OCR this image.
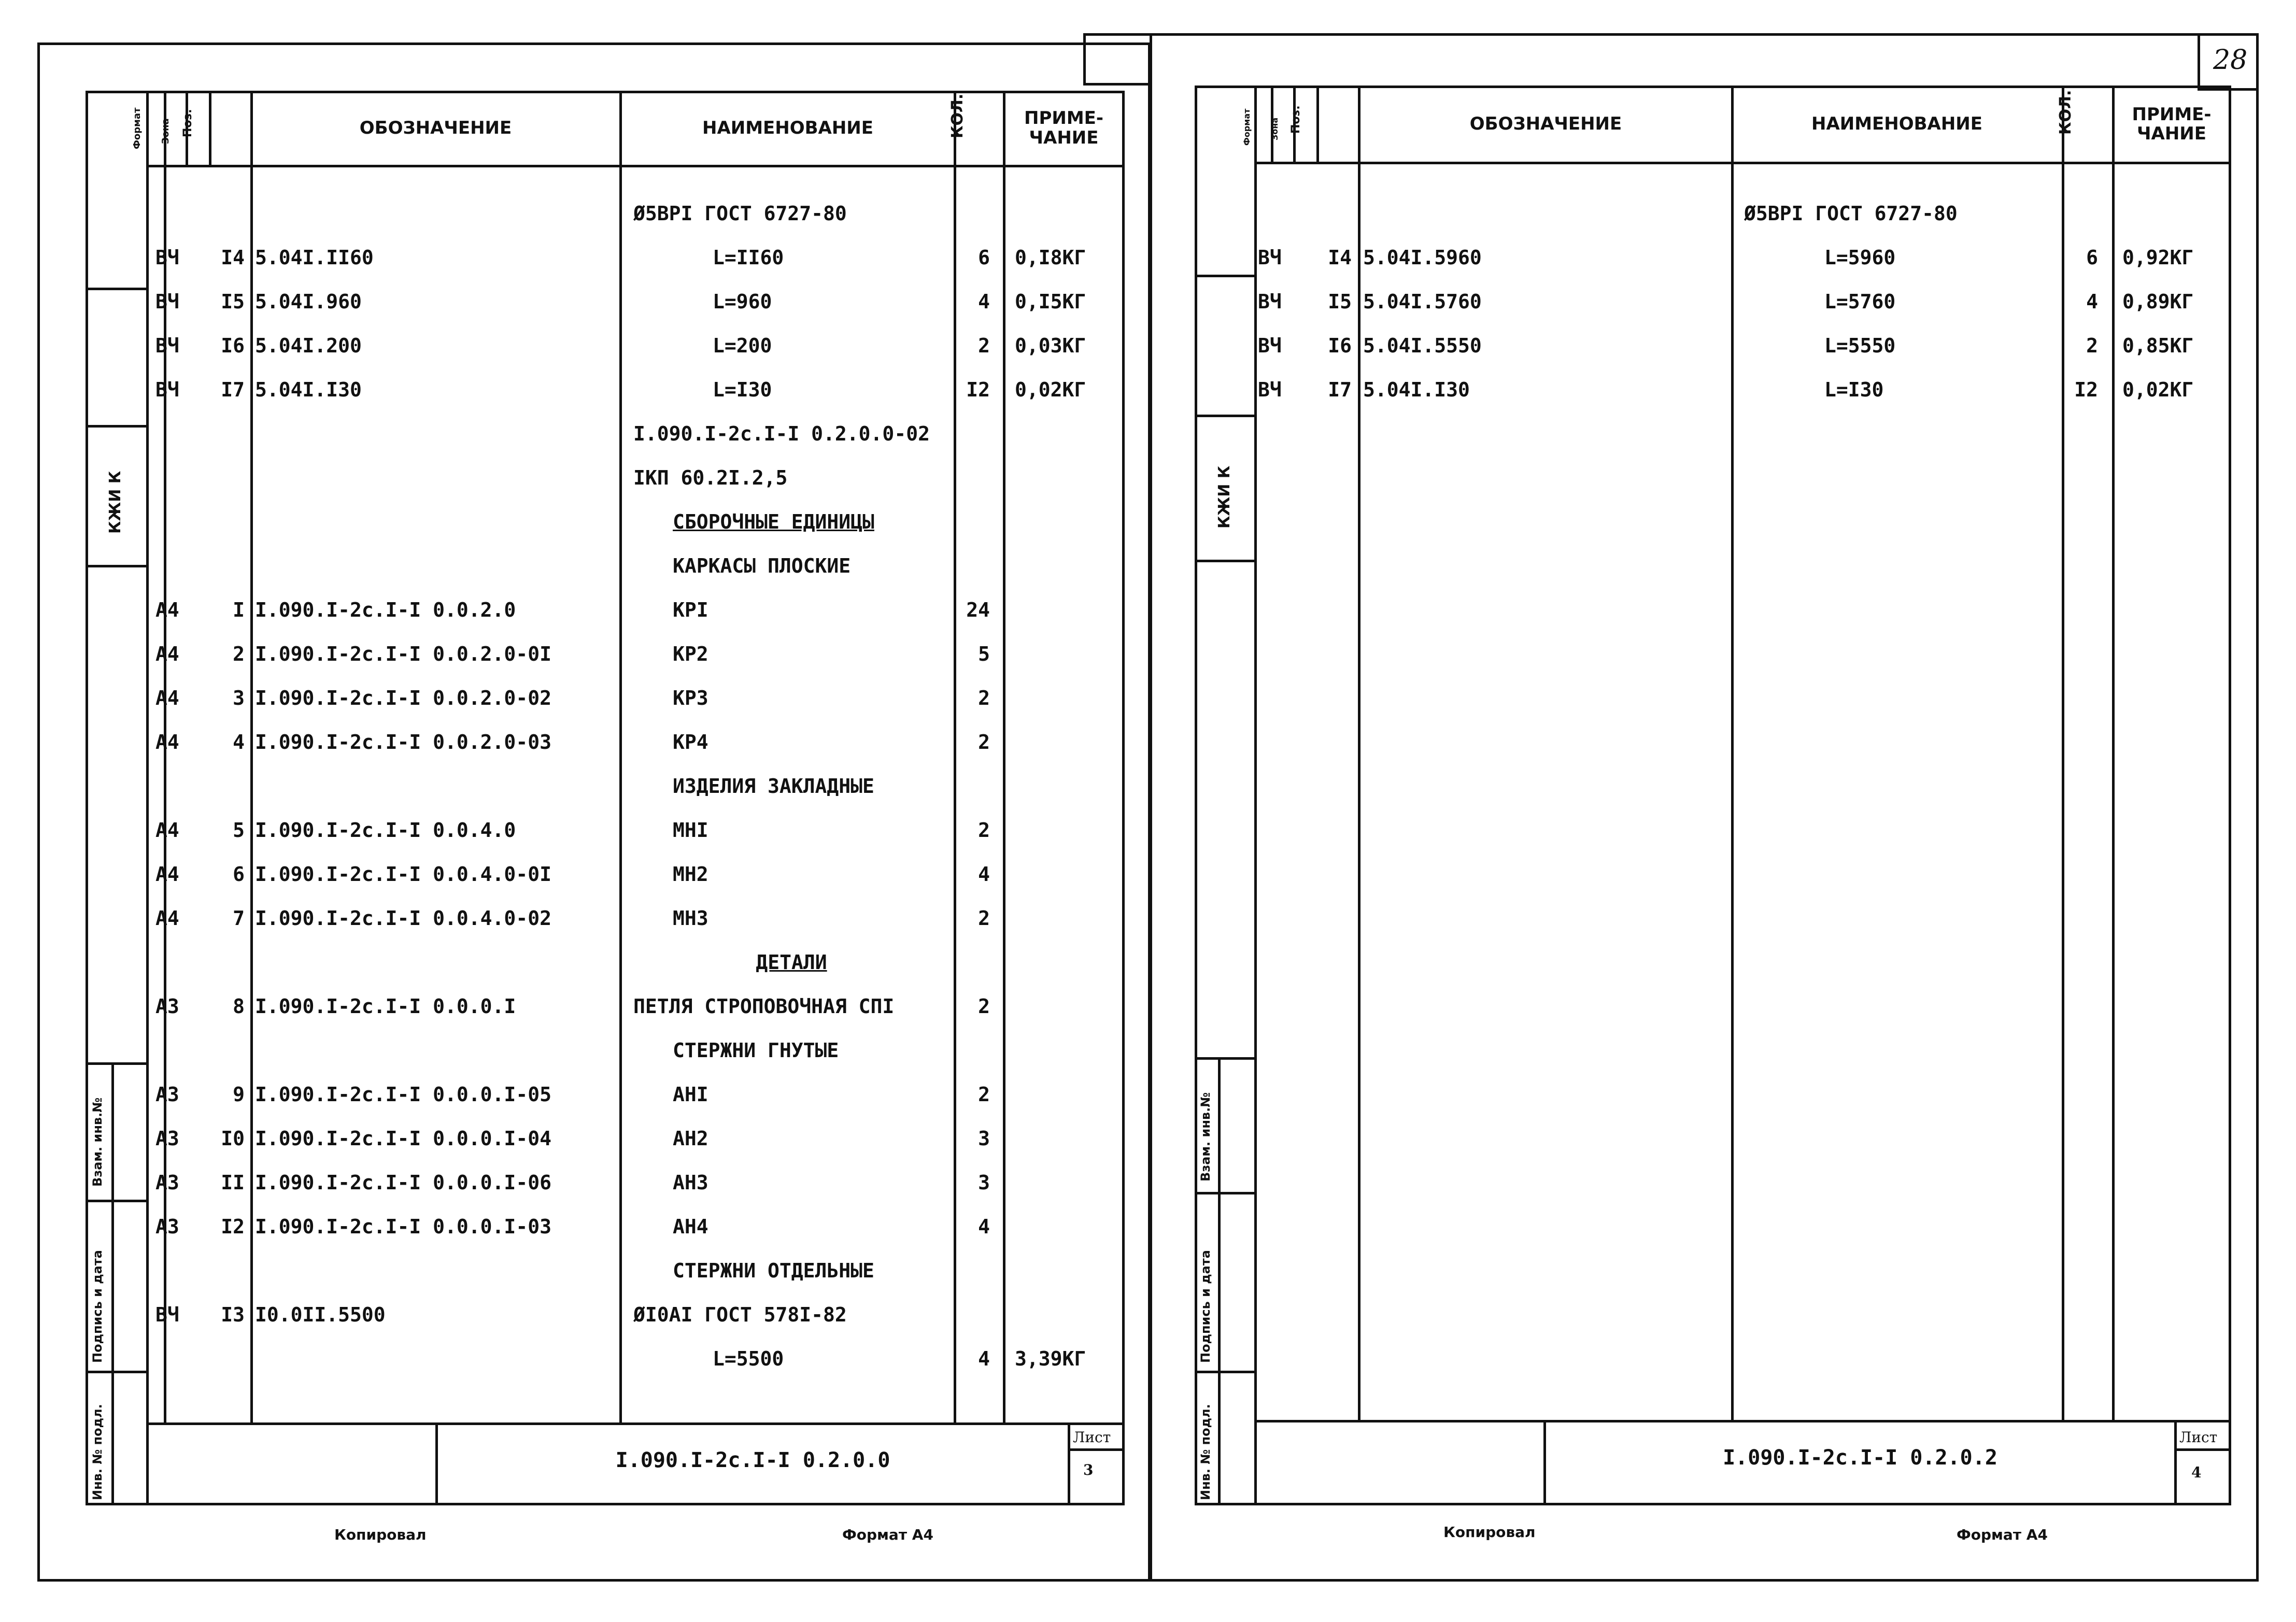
28
КЖИ К
Взам. инв.№
Подпись и дата
Инв. № подл.
Формат Зона Поз.	ОБОЗНАЧЕНИЕ	НАИМЕНОВАНИЕ	КОЛ.	ПРИМЕ-
ЧАНИЕ
Ø5ВРI ГОСТ 6727-80
ВЧ	I4 5.04I.II60	L=II60	6 0,I8КГ
ВЧ	I5 5.04I.960	L=960	4 0,I5КГ
ВЧ	I6 5.04I.200	L=200	2 0,03КГ
ВЧ	I7 5.04I.I30	L=I30	I2 0,02КГ
I.090.I-2с.I-I 0.2.0.0-02
IКП 60.2I.2,5
СБОРОЧНЫЕ ЕДИНИЦЫ
КАРКАСЫ ПЛОСКИЕ
А4	I I.090.I-2с.I-I 0.0.2.0	КРI	24
А4	2 I.090.I-2с.I-I 0.0.2.0-0I	КР2	5
А4	3 I.090.I-2с.I-I 0.0.2.0-02	КР3	2
А4	4 I.090.I-2с.I-I 0.0.2.0-03	КР4	2
ИЗДЕЛИЯ ЗАКЛАДНЫЕ
А4	5 I.090.I-2с.I-I 0.0.4.0	МНI	2
А4	6 I.090.I-2с.I-I 0.0.4.0-0I	МН2	4
А4	7 I.090.I-2с.I-I 0.0.4.0-02	МН3	2
ДЕТАЛИ
А3	8 I.090.I-2с.I-I 0.0.0.I	ПЕТЛЯ СТРОПОВОЧНАЯ СПI	2
СТЕРЖНИ ГНУТЫЕ
А3	9 I.090.I-2с.I-I 0.0.0.I-05	АНI	2
А3	I0 I.090.I-2с.I-I 0.0.0.I-04	АН2	3
А3	II I.090.I-2с.I-I 0.0.0.I-06	АН3	3
А3	I2 I.090.I-2с.I-I 0.0.0.I-03	АН4	4
СТЕРЖНИ ОТДЕЛЬНЫЕ
ВЧ	I3 I0.0II.5500	ØI0АI ГОСТ 578I-82
L=5500	4 3,39КГ
I.090.I-2с.I-I 0.2.0.0
Лист
3
Копировал	Формат А4
КЖИ К
Взам. инв.№
Подпись и дата
Инв. № подл.
Формат Зона Поз.	ОБОЗНАЧЕНИЕ	НАИМЕНОВАНИЕ	КОЛ.	ПРИМЕ-
ЧАНИЕ
Ø5ВРI ГОСТ 6727-80
ВЧ	I4 5.04I.5960	L=5960	6 0,92КГ
ВЧ	I5 5.04I.5760	L=5760	4 0,89КГ
ВЧ	I6 5.04I.5550	L=5550	2 0,85КГ
ВЧ	I7 5.04I.I30	L=I30	I2 0,02КГ
I.090.I-2с.I-I 0.2.0.2
Лист
4
Копировал	Формат А4
